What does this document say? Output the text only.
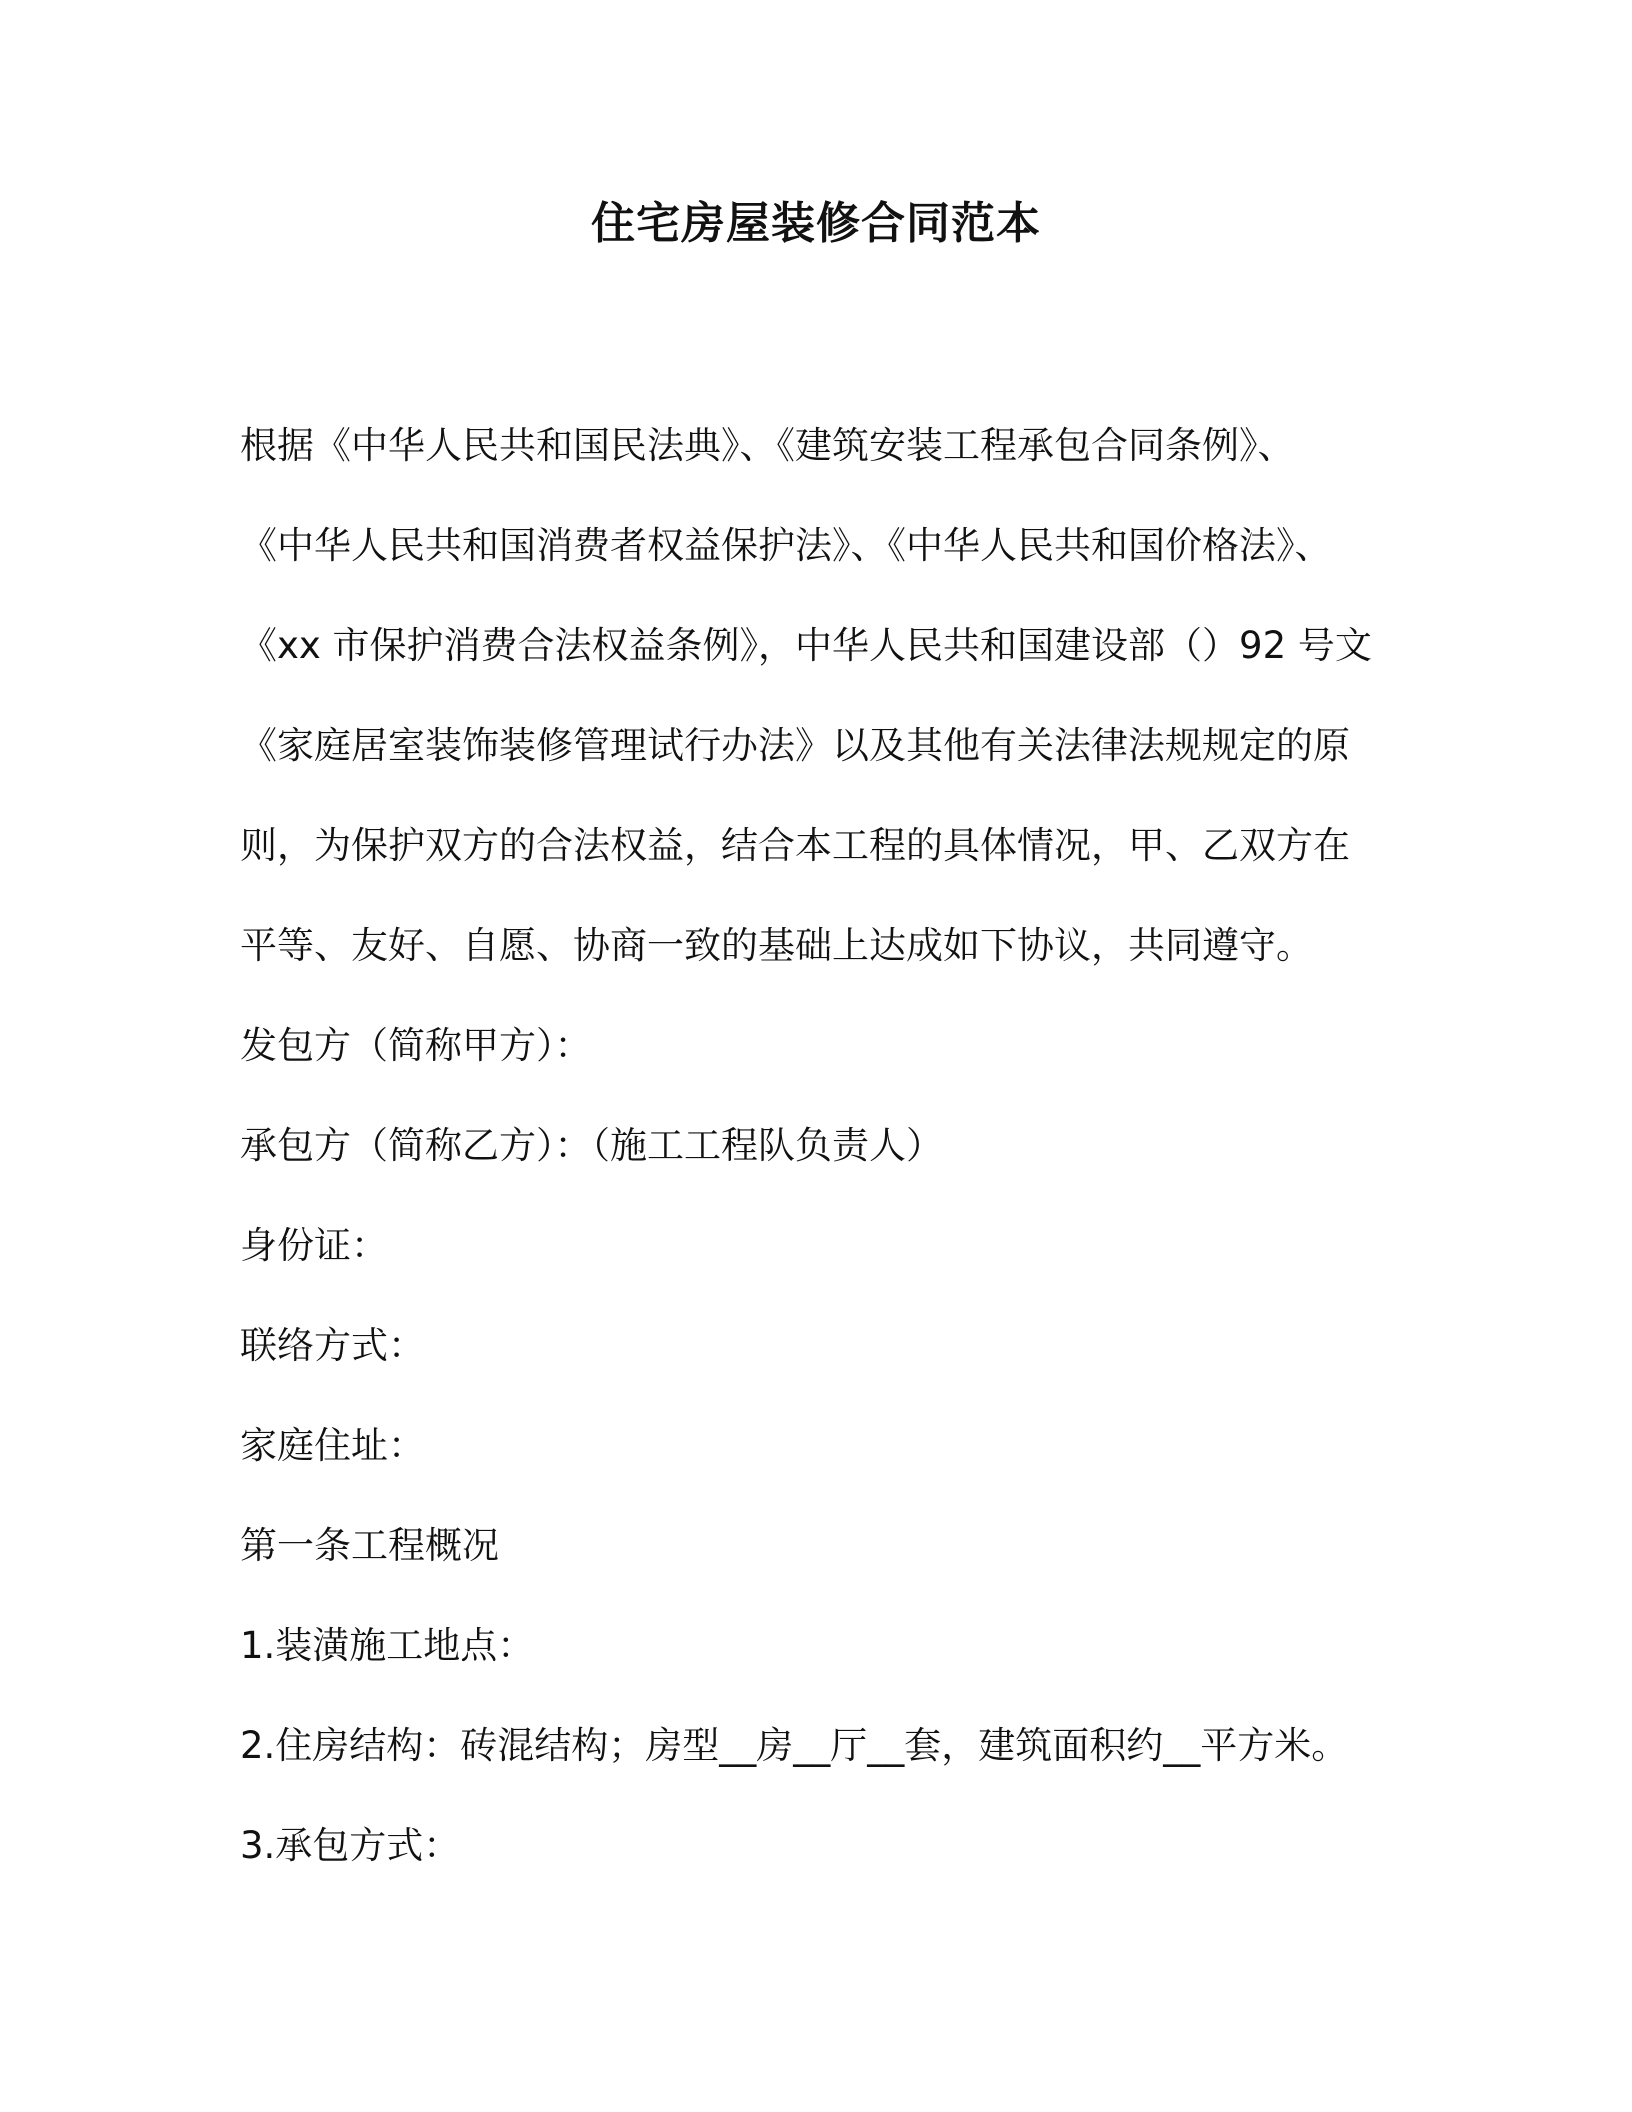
住宅房屋装修合同范本

根据《中华人民共和国民法典》、《建筑安装工程承包合同条例》、

《中华人民共和国消费者权益保护法》、《中华人民共和国价格法》、

《xx 市保护消费合法权益条例》，中华人民共和国建设部（）92 号文

《家庭居室装饰装修管理试行办法》以及其他有关法律法规规定的原

则，为保护双方的合法权益，结合本工程的具体情况，甲、乙双方在

平等、友好、自愿、协商一致的基础上达成如下协议，共同遵守。

发包方（简称甲方）：

承包方（简称乙方）：（施工工程队负责人）

身份证：

联络方式：

家庭住址：

第一条工程概况

1.装潢施工地点：

2.住房结构：砖混结构；房型__房__厅__套，建筑面积约__平方米。

3.承包方式：
